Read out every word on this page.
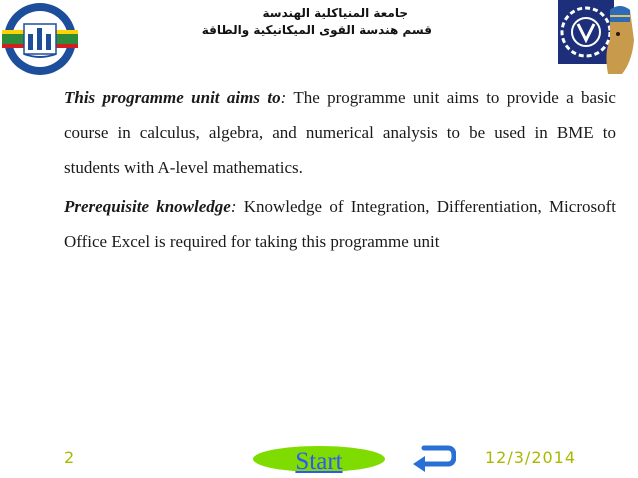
جامعة المنياكلية الهندسة
قسم هندسة القوى الميكانيكية والطاقة

This programme unit aims to: The programme unit aims to provide a basic course in calculus, algebra, and numerical analysis to be used in BME to students with A-level mathematics.

Prerequisite knowledge: Knowledge of Integration, Differentiation, Microsoft Office Excel is required for taking this programme unit

2	Start	12/3/2014
